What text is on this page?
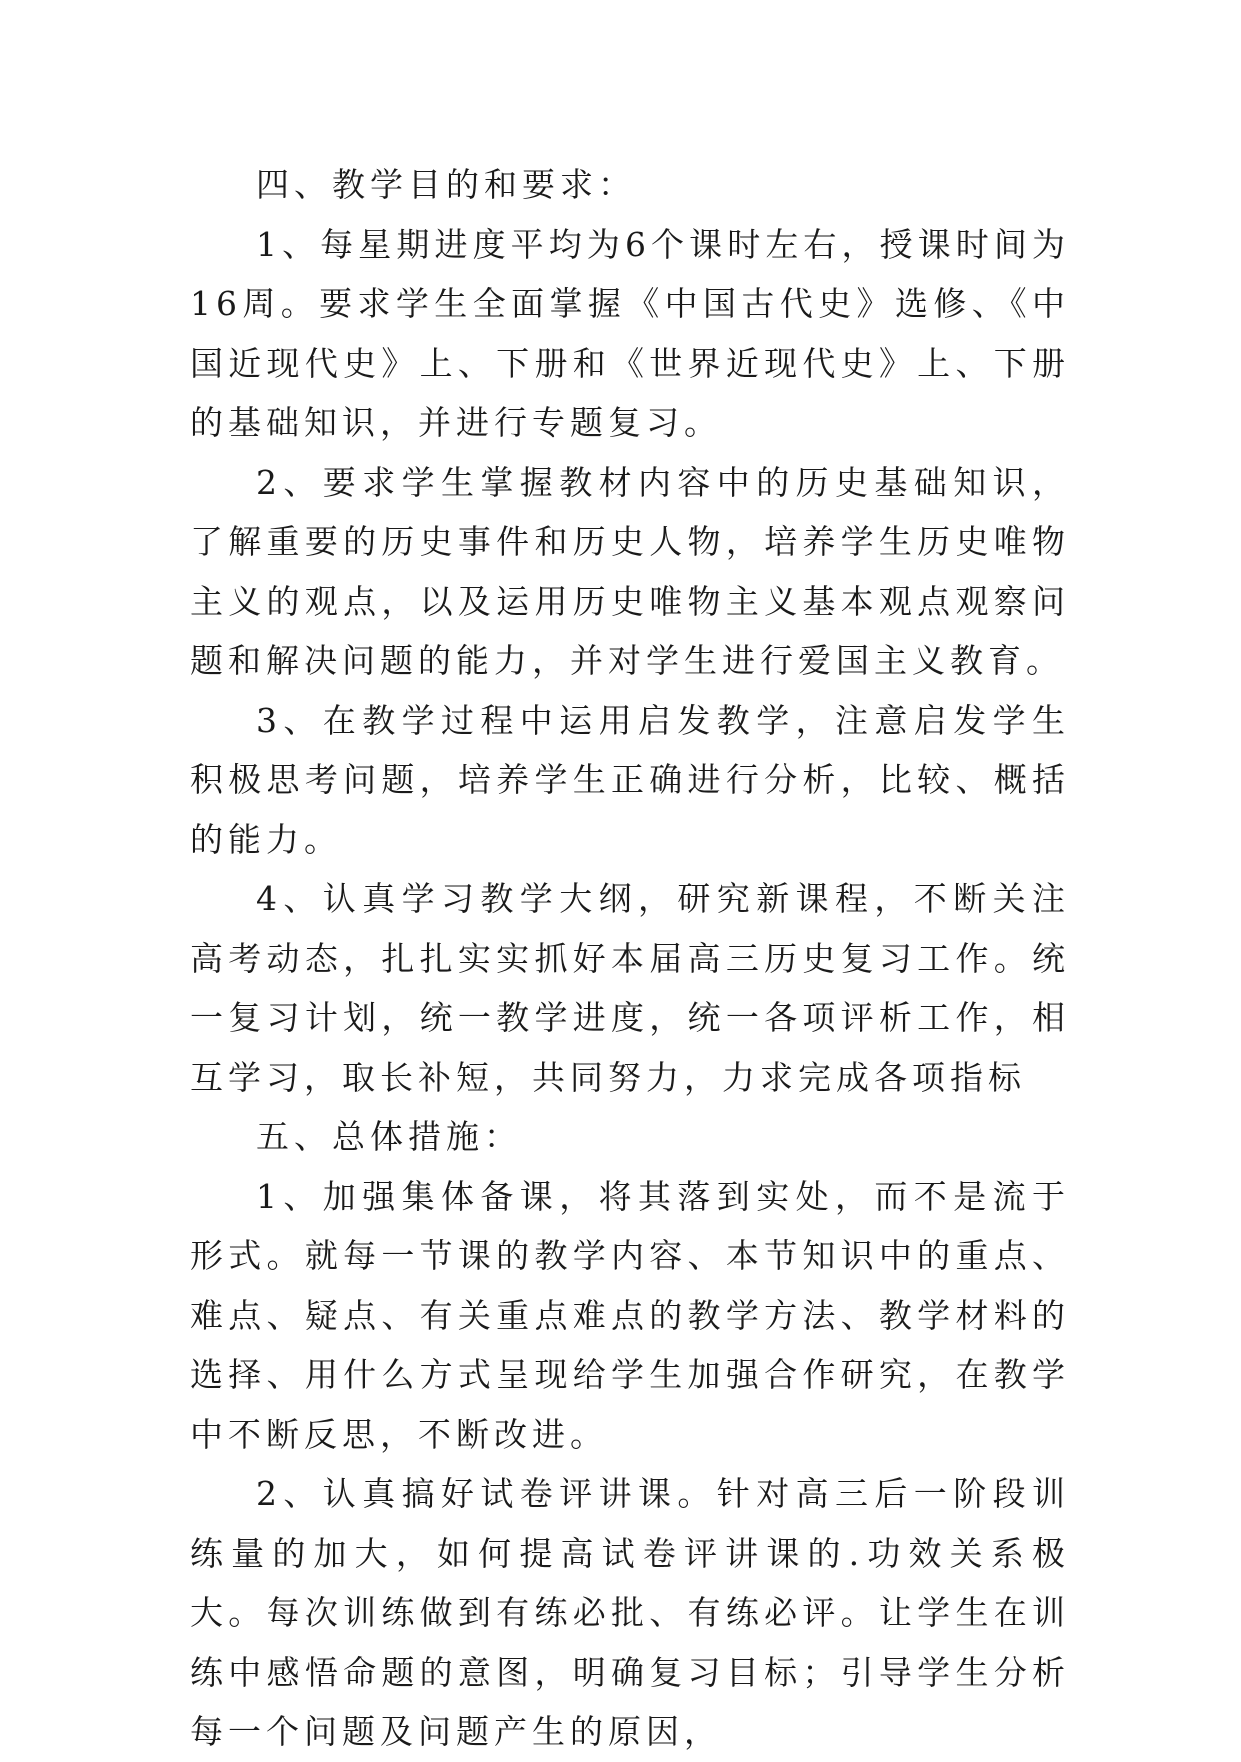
四、教学目的和要求：

1、每星期进度平均为6个课时左右，授课时间为16周。要求学生全面掌握《中国古代史》选修、《中国近现代史》上、下册和《世界近现代史》上、下册的基础知识，并进行专题复习。

2、要求学生掌握教材内容中的历史基础知识，了解重要的历史事件和历史人物，培养学生历史唯物主义的观点，以及运用历史唯物主义基本观点观察问题和解决问题的能力，并对学生进行爱国主义教育。

3、在教学过程中运用启发教学，注意启发学生积极思考问题，培养学生正确进行分析，比较、概括的能力。

4、认真学习教学大纲，研究新课程，不断关注高考动态，扎扎实实抓好本届高三历史复习工作。统一复习计划，统一教学进度，统一各项评析工作，相互学习，取长补短，共同努力，力求完成各项指标

五、总体措施：

1、加强集体备课，将其落到实处，而不是流于形式。就每一节课的教学内容、本节知识中的重点、难点、疑点、有关重点难点的教学方法、教学材料的选择、用什么方式呈现给学生加强合作研究，在教学中不断反思，不断改进。

2、认真搞好试卷评讲课。针对高三后一阶段训练量的加大，如何提高试卷评讲课的.功效关系极大。每次训练做到有练必批、有练必评。让学生在训练中感悟命题的意图，明确复习目标；引导学生分析每一个问题及问题产生的原因，
